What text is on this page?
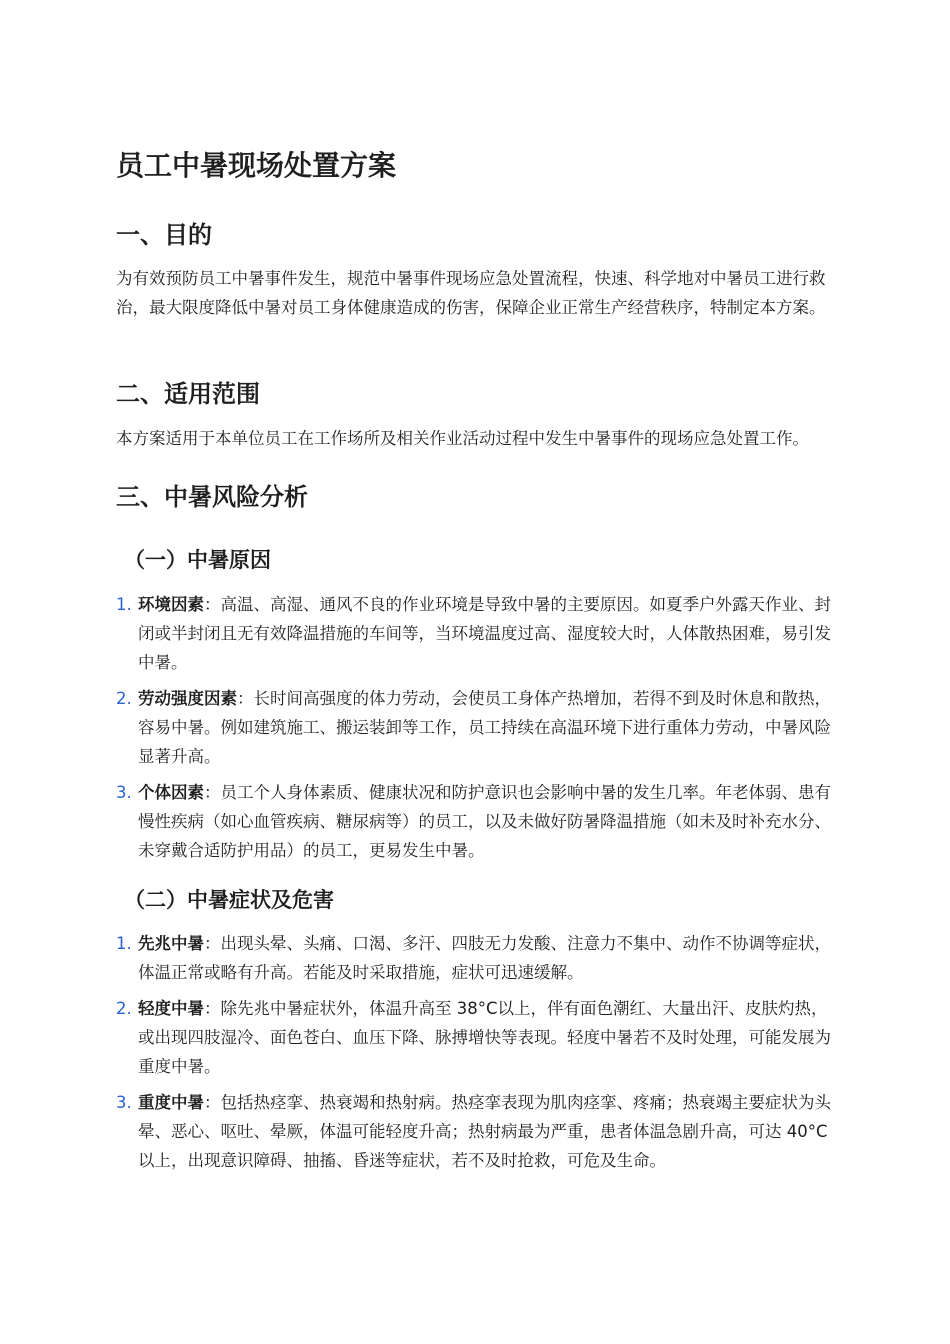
员工中暑现场处置方案
一、目的

为有效预防员工中暑事件发生，规范中暑事件现场应急处置流程，快速、科学地对中暑员工进行救治，最大限度降低中暑对员工身体健康造成的伤害，保障企业正常生产经营秩序，特制定本方案。

二、适用范围

本方案适用于本单位员工在工作场所及相关作业活动过程中发生中暑事件的现场应急处置工作。

三、中暑风险分析
（一）中暑原因
1. 环境因素：高温、高湿、通风不良的作业环境是导致中暑的主要原因。如夏季户外露天作业、封闭或半封闭且无有效降温措施的车间等，当环境温度过高、湿度较大时，人体散热困难，易引发中暑。
2. 劳动强度因素：长时间高强度的体力劳动，会使员工身体产热增加，若得不到及时休息和散热，容易中暑。例如建筑施工、搬运装卸等工作，员工持续在高温环境下进行重体力劳动，中暑风险显著升高。
3. 个体因素：员工个人身体素质、健康状况和防护意识也会影响中暑的发生几率。年老体弱、患有慢性疾病（如心血管疾病、糖尿病等）的员工，以及未做好防暑降温措施（如未及时补充水分、未穿戴合适防护用品）的员工，更易发生中暑。
（二）中暑症状及危害
1. 先兆中暑：出现头晕、头痛、口渴、多汗、四肢无力发酸、注意力不集中、动作不协调等症状，体温正常或略有升高。若能及时采取措施，症状可迅速缓解。
2. 轻度中暑：除先兆中暑症状外，体温升高至 38°C以上，伴有面色潮红、大量出汗、皮肤灼热，或出现四肢湿冷、面色苍白、血压下降、脉搏增快等表现。轻度中暑若不及时处理，可能发展为重度中暑。
3. 重度中暑：包括热痉挛、热衰竭和热射病。热痉挛表现为肌肉痉挛、疼痛；热衰竭主要症状为头晕、恶心、呕吐、晕厥，体温可能轻度升高；热射病最为严重，患者体温急剧升高，可达 40°C以上，出现意识障碍、抽搐、昏迷等症状，若不及时抢救，可危及生命。
